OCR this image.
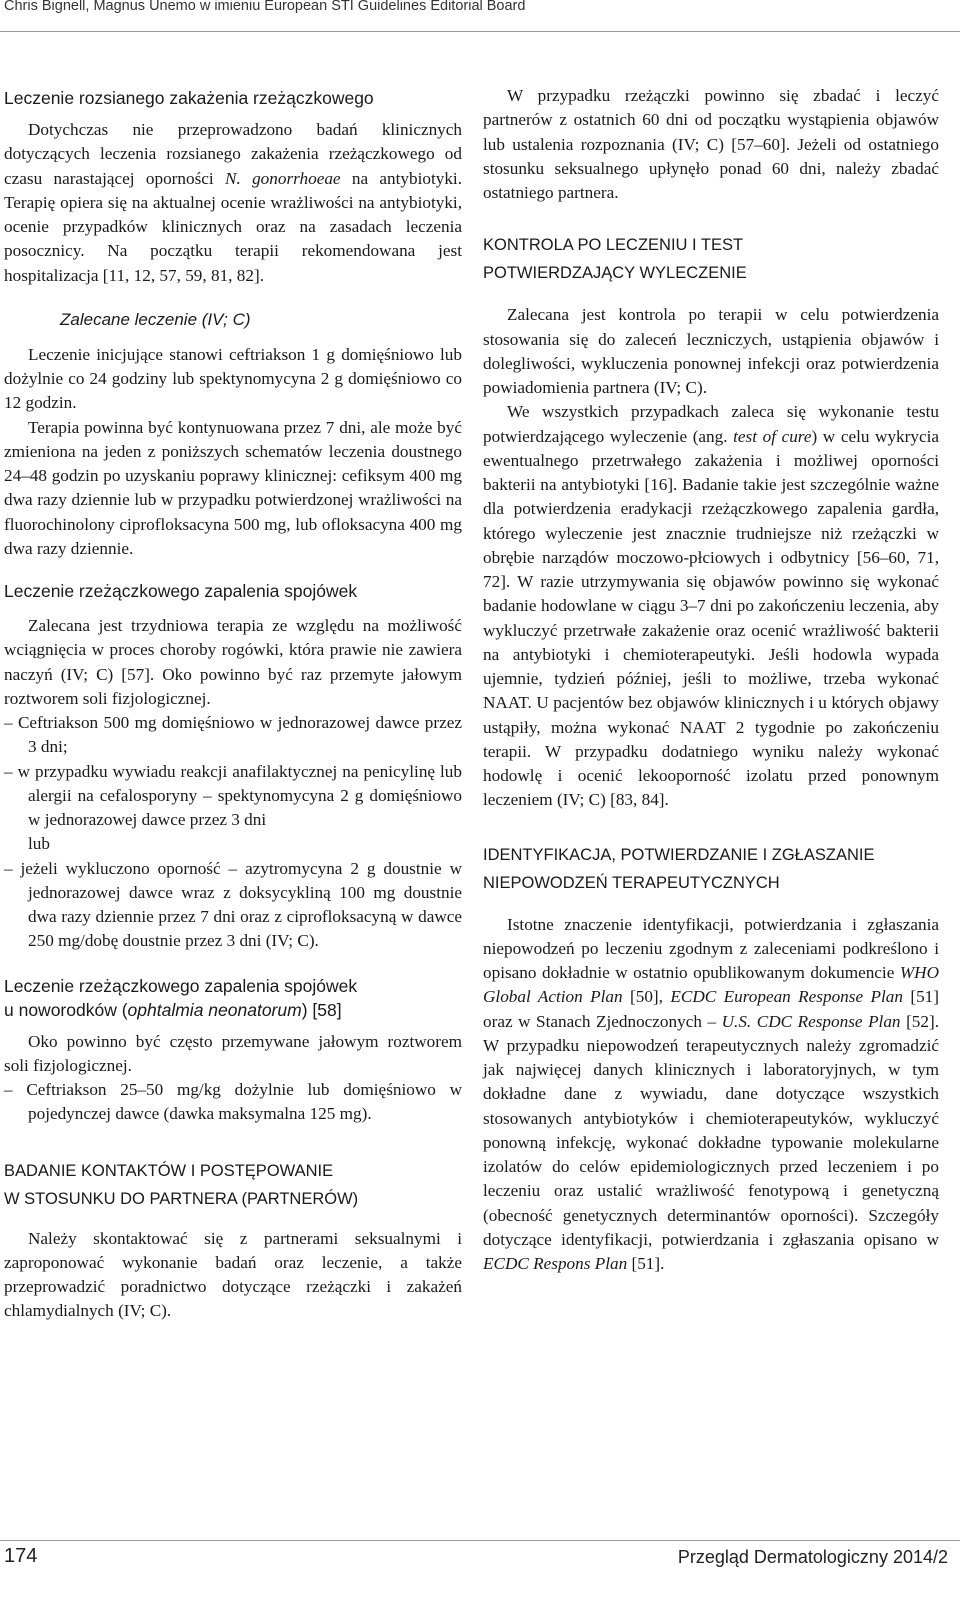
Chris Bignell, Magnus Unemo w imieniu European STI Guidelines Editorial Board
Leczenie rozsianego zakażenia rzeżączkowego

Dotychczas nie przeprowadzono badań klinicznych dotyczących leczenia rozsianego zakażenia rzeżączkowego od czasu narastającej oporności N. gonorrhoeae na antybiotyki. Terapię opiera się na aktualnej ocenie wrażliwości na antybiotyki, ocenie przypadków klinicznych oraz na zasadach leczenia posocznicy. Na początku terapii rekomendowana jest hospitalizacja [11, 12, 57, 59, 81, 82].

Zalecane leczenie (IV; C)

Leczenie inicjujące stanowi ceftriakson 1 g domięśniowo lub dożylnie co 24 godziny lub spektynomycyna 2 g domięśniowo co 12 godzin.

Terapia powinna być kontynuowana przez 7 dni, ale może być zmieniona na jeden z poniższych schematów leczenia doustnego 24–48 godzin po uzyskaniu poprawy klinicznej: cefiksym 400 mg dwa razy dziennie lub w przypadku potwierdzonej wrażliwości na fluorochinolony ciprofloksacyna 500 mg, lub ofloksacyna 400 mg dwa razy dziennie.

Leczenie rzeżączkowego zapalenia spojówek

Zalecana jest trzydniowa terapia ze względu na możliwość wciągnięcia w proces choroby rogówki, która prawie nie zawiera naczyń (IV; C) [57]. Oko powinno być raz przemyte jałowym roztworem soli fizjologicznej.

– Ceftriakson 500 mg domięśniowo w jednorazowej dawce przez 3 dni;

– w przypadku wywiadu reakcji anafilaktycznej na penicylinę lub alergii na cefalosporyny – spektynomycyna 2 g domięśniowo w jednorazowej dawce przez 3 dni

lub

– jeżeli wykluczono oporność – azytromycyna 2 g doustnie w jednorazowej dawce wraz z doksycykliną 100 mg doustnie dwa razy dziennie przez 7 dni oraz z ciprofloksacyną w dawce 250 mg/dobę doustnie przez 3 dni (IV; C).

Leczenie rzeżączkowego zapalenia spojówek
u noworodków (ophtalmia neonatorum) [58]

Oko powinno być często przemywane jałowym roztworem soli fizjologicznej.

– Ceftriakson 25–50 mg/kg dożylnie lub domięśniowo w pojedynczej dawce (dawka maksymalna 125 mg).

BADANIE KONTAKTÓW I POSTĘPOWANIE
W STOSUNKU DO PARTNERA (PARTNERÓW)

Należy skontaktować się z partnerami seksualnymi i zaproponować wykonanie badań oraz leczenie, a także przeprowadzić poradnictwo dotyczące rzeżączki i zakażeń chlamydialnych (IV; C).

W przypadku rzeżączki powinno się zbadać i leczyć partnerów z ostatnich 60 dni od początku wystąpienia objawów lub ustalenia rozpoznania (IV; C) [57–60]. Jeżeli od ostatniego stosunku seksualnego upłynęło ponad 60 dni, należy zbadać ostatniego partnera.

KONTROLA PO LECZENIU I TEST
POTWIERDZAJĄCY WYLECZENIE

Zalecana jest kontrola po terapii w celu potwierdzenia stosowania się do zaleceń leczniczych, ustąpienia objawów i dolegliwości, wykluczenia ponownej infekcji oraz potwierdzenia powiadomienia partnera (IV; C).

We wszystkich przypadkach zaleca się wykonanie testu potwierdzającego wyleczenie (ang. test of cure) w celu wykrycia ewentualnego przetrwałego zakażenia i możliwej oporności bakterii na antybiotyki [16]. Badanie takie jest szczególnie ważne dla potwierdzenia eradykacji rzeżączkowego zapalenia gardła, którego wyleczenie jest znacznie trudniejsze niż rzeżączki w obrębie narządów moczowo-płciowych i odbytnicy [56–60, 71, 72]. W razie utrzymywania się objawów powinno się wykonać badanie hodowlane w ciągu 3–7 dni po zakończeniu leczenia, aby wykluczyć przetrwałe zakażenie oraz ocenić wrażliwość bakterii na antybiotyki i chemioterapeutyki. Jeśli hodowla wypada ujemnie, tydzień później, jeśli to możliwe, trzeba wykonać NAAT. U pacjentów bez objawów klinicznych i u których objawy ustąpiły, można wykonać NAAT 2 tygodnie po zakończeniu terapii. W przypadku dodatniego wyniku należy wykonać hodowlę i ocenić lekooporność izolatu przed ponownym leczeniem (IV; C) [83, 84].

IDENTYFIKACJA, POTWIERDZANIE I ZGŁASZANIE
NIEPOWODZEŃ TERAPEUTYCZNYCH

Istotne znaczenie identyfikacji, potwierdzania i zgłaszania niepowodzeń po leczeniu zgodnym z zaleceniami podkreślono i opisano dokładnie w ostatnio opublikowanym dokumencie WHO Global Action Plan [50], ECDC European Response Plan [51] oraz w Stanach Zjednoczonych – U.S. CDC Response Plan [52]. W przypadku niepowodzeń terapeutycznych należy zgromadzić jak najwięcej danych klinicznych i laboratoryjnych, w tym dokładne dane z wywiadu, dane dotyczące wszystkich stosowanych antybiotyków i chemioterapeutyków, wykluczyć ponowną infekcję, wykonać dokładne typowanie molekularne izolatów do celów epidemiologicznych przed leczeniem i po leczeniu oraz ustalić wrażliwość fenotypową i genetyczną (obecność genetycznych determinantów oporności). Szczegóły dotyczące identyfikacji, potwierdzania i zgłaszania opisano w ECDC Respons Plan [51].

174	Przegląd Dermatologiczny 2014/2
